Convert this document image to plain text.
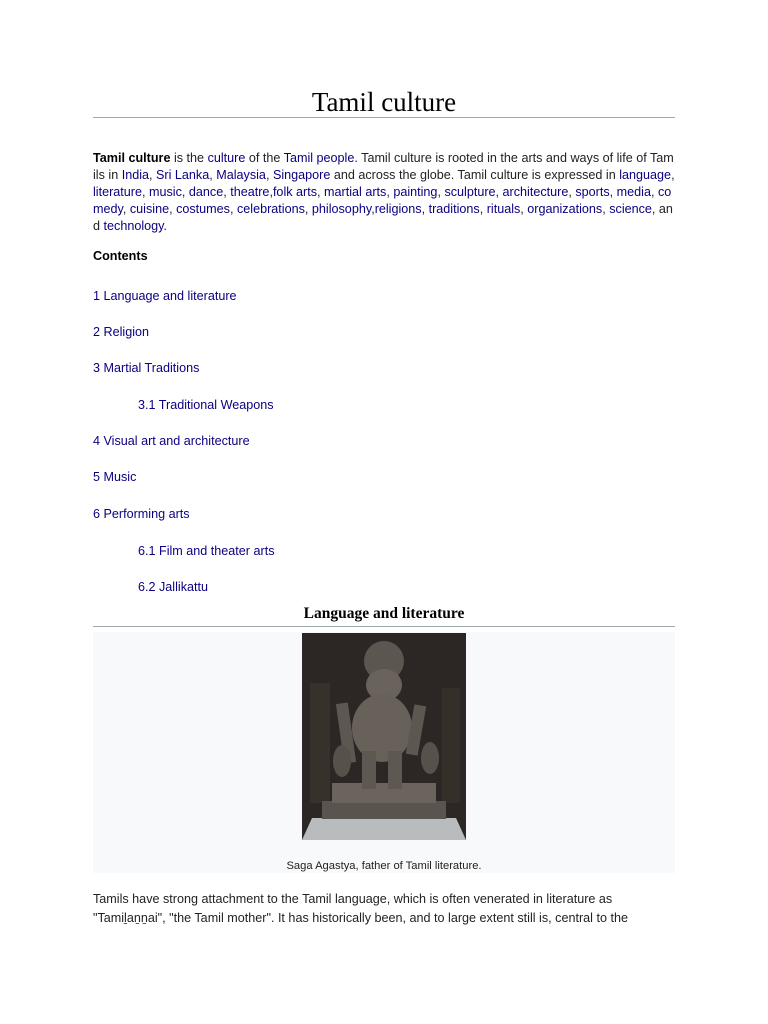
Tamil culture

Tamil culture is the culture of the Tamil people. Tamil culture is rooted in the arts and ways of life of Tamils in India, Sri Lanka, Malaysia, Singapore and across the globe. Tamil culture is expressed in language, literature, music, dance, theatre,folk arts, martial arts, painting, sculpture, architecture, sports, media, comedy, cuisine, costumes, celebrations, philosophy,religions, traditions, rituals, organizations, science, and technology.

Contents

1 Language and literature
2 Religion
3 Martial Traditions
3.1 Traditional Weapons
4 Visual art and architecture
5 Music
6 Performing arts
6.1 Film and theater arts
6.2 Jallikattu
Language and literature
Saga Agastya, father of Tamil literature.

Tamils have strong attachment to the Tamil language, which is often venerated in literature as "Tamiḻaṉṉai", "the Tamil mother". It has historically been, and to large extent still is, central to the
